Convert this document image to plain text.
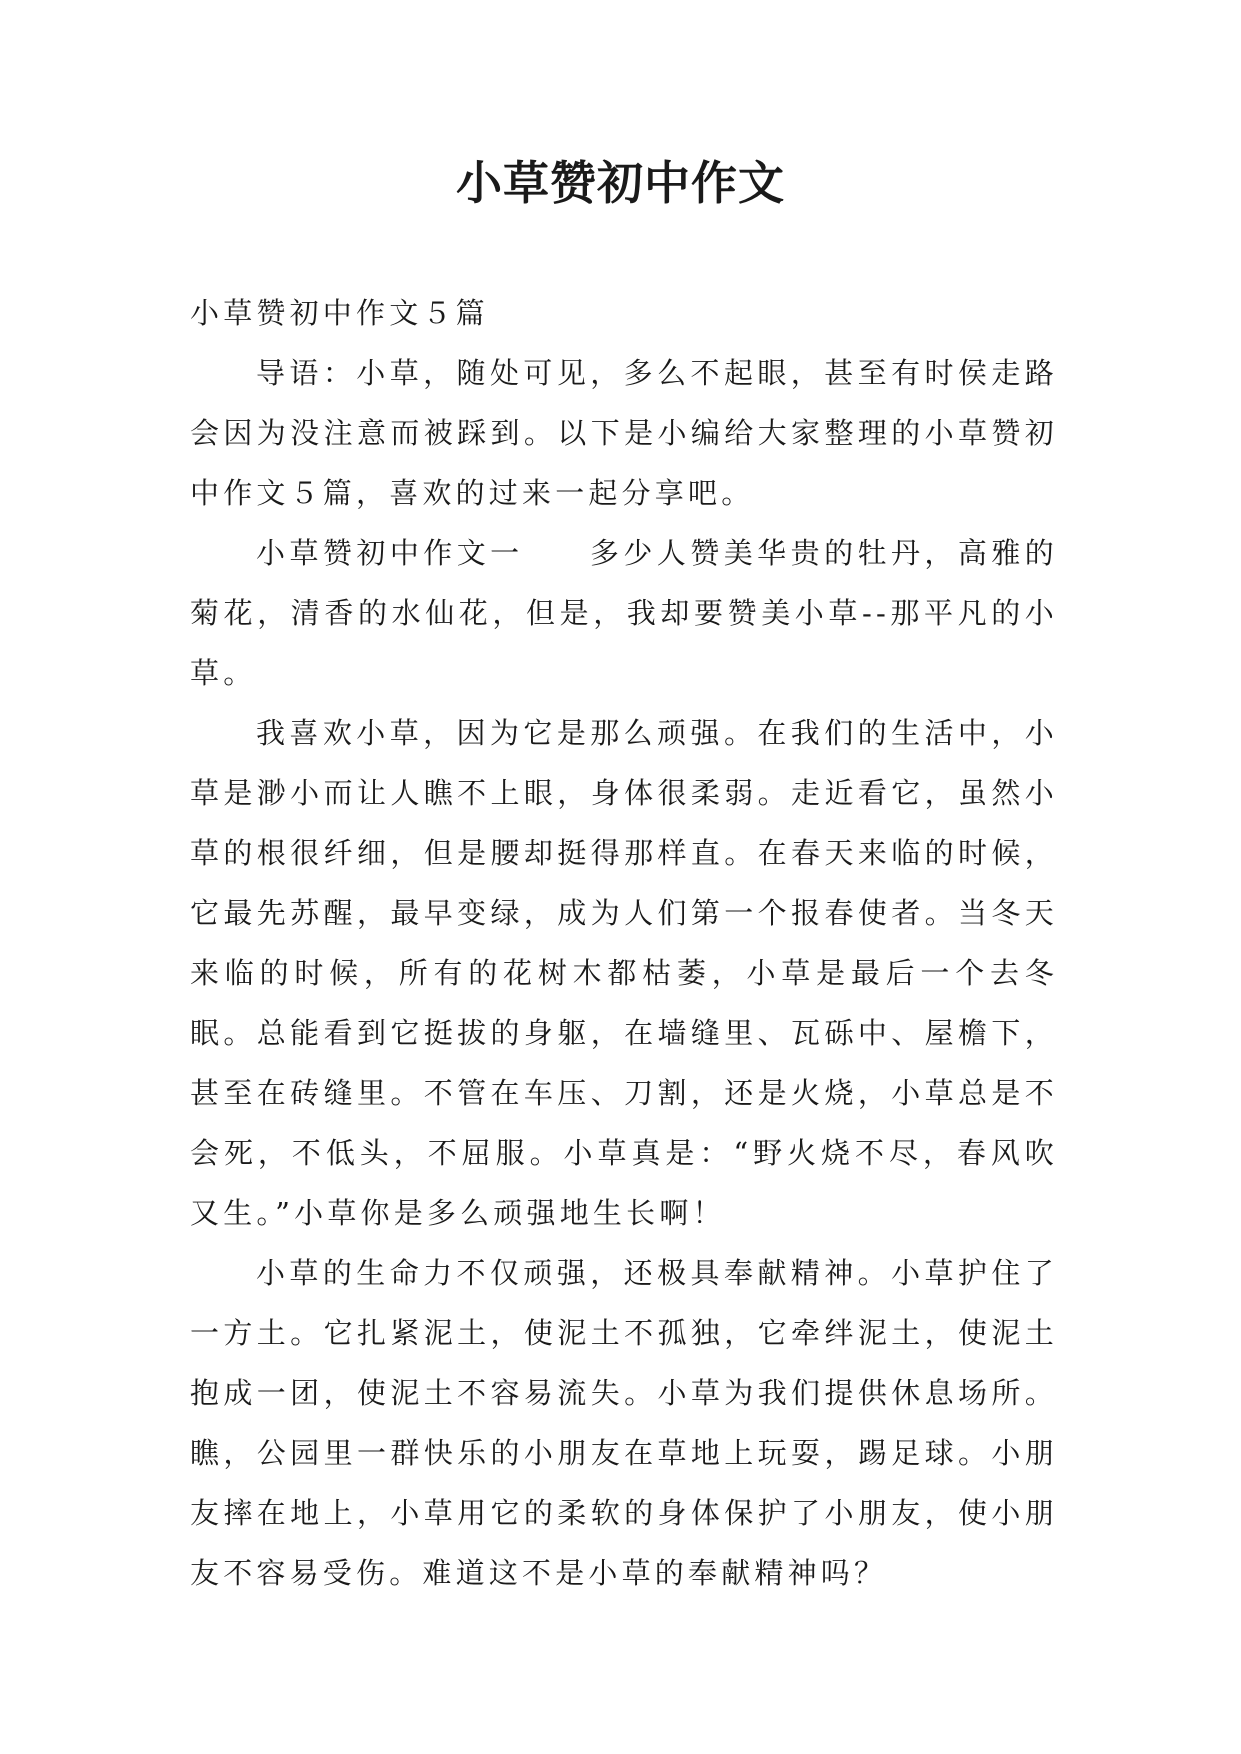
小草赞初中作文

小草赞初中作文５篇

导语：小草，随处可见，多么不起眼，甚至有时侯走路会因为没注意而被踩到。以下是小编给大家整理的小草赞初中作文５篇，喜欢的过来一起分享吧。

小草赞初中作文一 多少人赞美华贵的牡丹，高雅的菊花，清香的水仙花，但是，我却要赞美小草--那平凡的小草。

我喜欢小草，因为它是那么顽强。在我们的生活中，小草是渺小而让人瞧不上眼，身体很柔弱。走近看它，虽然小草的根很纤细，但是腰却挺得那样直。在春天来临的时候，它最先苏醒，最早变绿，成为人们第一个报春使者。当冬天来临的时候，所有的花树木都枯萎，小草是最后一个去冬眠。总能看到它挺拔的身躯，在墙缝里、瓦砾中、屋檐下，甚至在砖缝里。不管在车压、刀割，还是火烧，小草总是不会死，不低头，不屈服。小草真是：“野火烧不尽，春风吹又生。”小草你是多么顽强地生长啊！

小草的生命力不仅顽强，还极具奉献精神。小草护住了一方土。它扎紧泥土，使泥土不孤独，它牵绊泥土，使泥土抱成一团，使泥土不容易流失。小草为我们提供休息场所。瞧，公园里一群快乐的小朋友在草地上玩耍，踢足球。小朋友摔在地上，小草用它的柔软的身体保护了小朋友，使小朋友不容易受伤。难道这不是小草的奉献精神吗？
